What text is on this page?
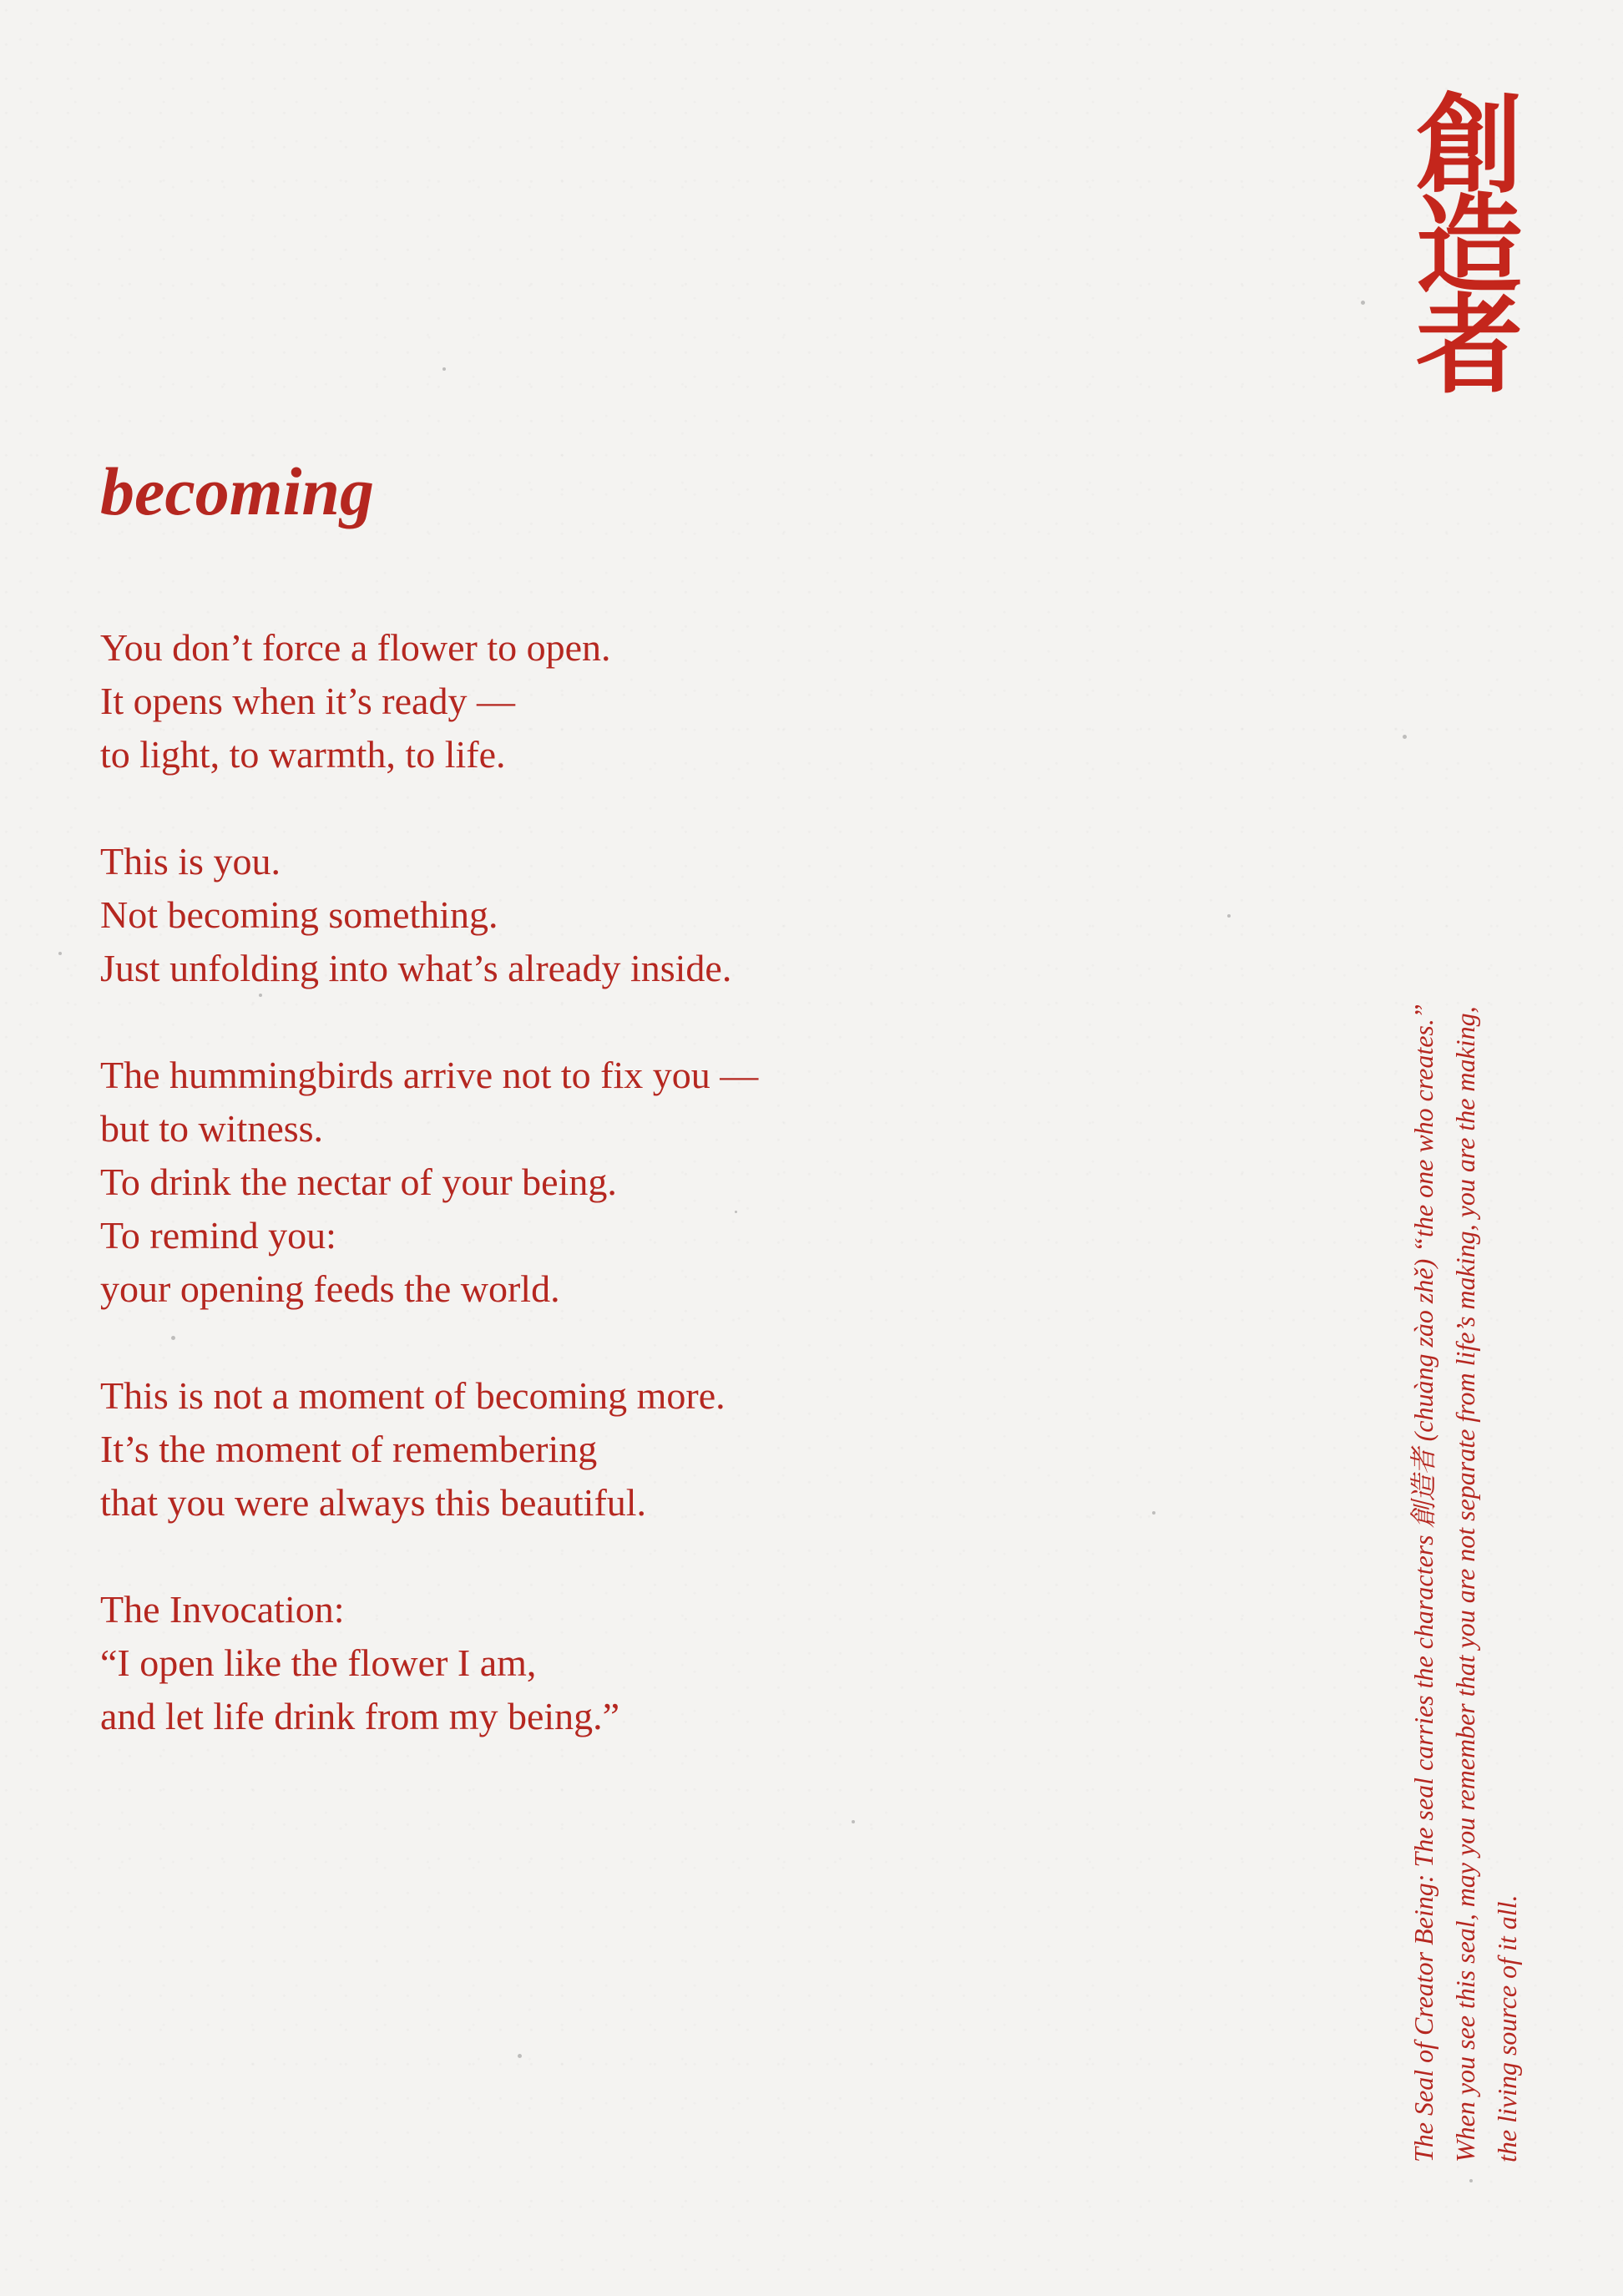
創
造
者
becoming

You don’t force a flower to open.
It opens when it’s ready —
to light, to warmth, to life.

This is you.
Not becoming something.
Just unfolding into what’s already inside.

The hummingbirds arrive not to fix you —
but to witness.
To drink the nectar of your being.
To remind you:
your opening feeds the world.

This is not a moment of becoming more.
It’s the moment of remembering
that you were always this beautiful.

The Invocation:
“I open like the flower I am,
and let life drink from my being.”	The Seal of Creator Being: The seal carries the characters 創造者 (chuàng zào zhě) “the one who creates.” When you see this seal, may you remember that you are not separate from life’s making, you are the making, the living source of it all.
